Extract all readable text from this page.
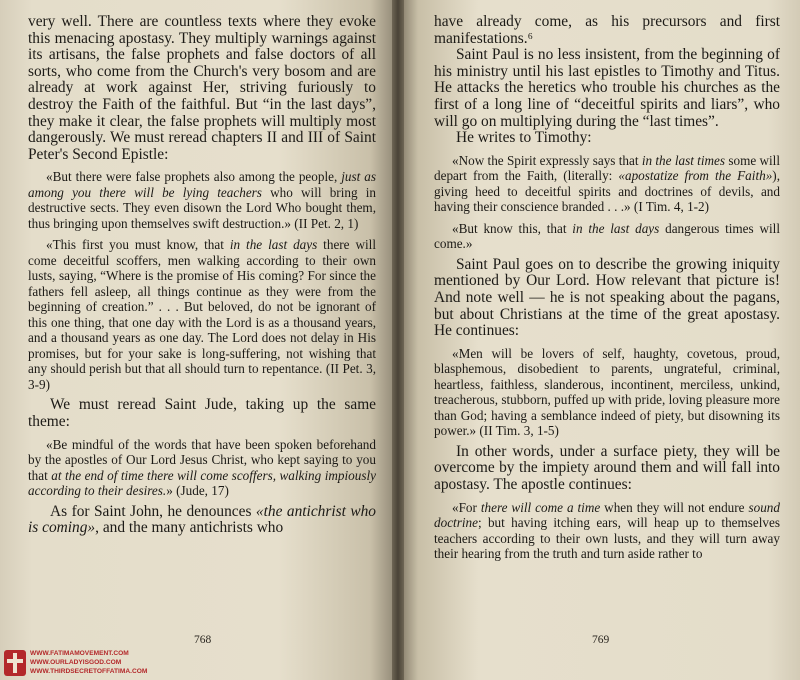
very well. There are countless texts where they evoke this menacing apostasy. They multiply warnings against its artisans, the false prophets and false doctors of all sorts, who come from the Church's very bosom and are already at work against Her, striving furiously to destroy the Faith of the faithful. But “in the last days”, they make it clear, the false prophets will multiply most dangerously. We must reread chapters II and III of Saint Peter's Second Epistle:

«But there were false prophets also among the people, just as among you there will be lying teachers who will bring in destructive sects. They even disown the Lord Who bought them, thus bringing upon themselves swift destruction.» (II Pet. 2, 1)

«This first you must know, that in the last days there will come deceitful scoffers, men walking according to their own lusts, saying, “Where is the promise of His coming? For since the fathers fell asleep, all things continue as they were from the beginning of creation.” . . . But beloved, do not be ignorant of this one thing, that one day with the Lord is as a thousand years, and a thousand years as one day. The Lord does not delay in His promises, but for your sake is long-suffering, not wishing that any should perish but that all should turn to repentance. (II Pet. 3, 3-9)

We must reread Saint Jude, taking up the same theme:

«Be mindful of the words that have been spoken beforehand by the apostles of Our Lord Jesus Christ, who kept saying to you that at the end of time there will come scoffers, walking impiously according to their desires.» (Jude, 17)

As for Saint John, he denounces «the antichrist who is coming», and the many antichrists who

768
WWW.FATIMAMOVEMENT.COM
WWW.OURLADYISGOD.COM
WWW.THIRDSECRETOFFATIMA.COM

have already come, as his precursors and first manifestations.⁶

Saint Paul is no less insistent, from the beginning of his ministry until his last epistles to Timothy and Titus. He attacks the heretics who trouble his churches as the first of a long line of “deceitful spirits and liars”, who will go on multiplying during the “last times”.

He writes to Timothy:

«Now the Spirit expressly says that in the last times some will depart from the Faith, (literally: «apostatize from the Faith»), giving heed to deceitful spirits and doctrines of devils, and having their conscience branded . . .» (I Tim. 4, 1-2)

«But know this, that in the last days dangerous times will come.»

Saint Paul goes on to describe the growing iniquity mentioned by Our Lord. How relevant that picture is! And note well — he is not speaking about the pagans, but about Christians at the time of the great apostasy. He continues:

«Men will be lovers of self, haughty, covetous, proud, blasphemous, disobedient to parents, ungrateful, criminal, heartless, faithless, slanderous, incontinent, merciless, unkind, treacherous, stubborn, puffed up with pride, loving pleasure more than God; having a semblance indeed of piety, but disowning its power.» (II Tim. 3, 1-5)

In other words, under a surface piety, they will be overcome by the impiety around them and will fall into apostasy. The apostle continues:

«For there will come a time when they will not endure sound doctrine; but having itching ears, will heap up to themselves teachers according to their own lusts, and they will turn away their hearing from the truth and turn aside rather to

769
